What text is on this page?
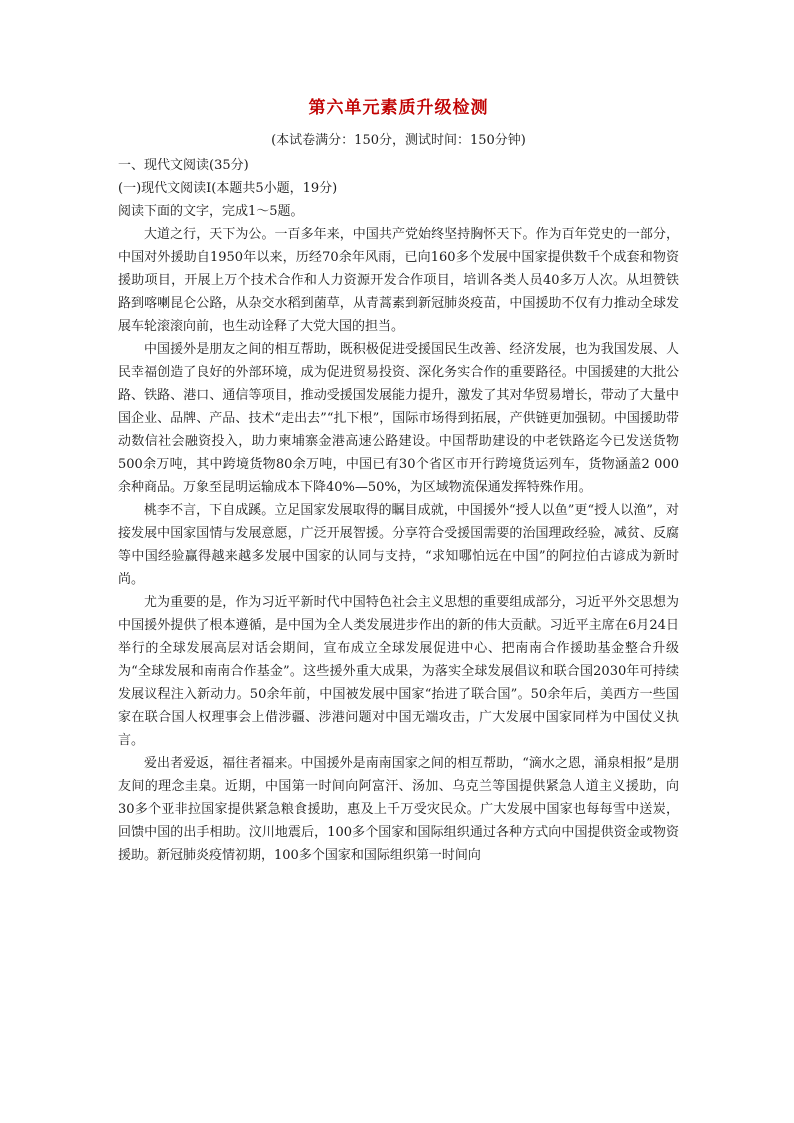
第六单元素质升级检测

(本试卷满分：150分，测试时间：150分钟)

一、现代文阅读(35分)

(一)现代文阅读Ⅰ(本题共5小题，19分)

阅读下面的文字，完成1～5题。

大道之行，天下为公。一百多年来，中国共产党始终坚持胸怀天下。作为百年党史的一部分，中国对外援助自1950年以来，历经70余年风雨，已向160多个发展中国家提供数千个成套和物资援助项目，开展上万个技术合作和人力资源开发合作项目，培训各类人员40多万人次。从坦赞铁路到喀喇昆仑公路，从杂交水稻到菌草，从青蒿素到新冠肺炎疫苗，中国援助不仅有力推动全球发展车轮滚滚向前，也生动诠释了大党大国的担当。

中国援外是朋友之间的相互帮助，既积极促进受援国民生改善、经济发展，也为我国发展、人民幸福创造了良好的外部环境，成为促进贸易投资、深化务实合作的重要路径。中国援建的大批公路、铁路、港口、通信等项目，推动受援国发展能力提升，激发了其对华贸易增长，带动了大量中国企业、品牌、产品、技术“走出去”“扎下根”，国际市场得到拓展，产供链更加强韧。中国援助带动数信社会融资投入，助力柬埔寨金港高速公路建设。中国帮助建设的中老铁路迄今已发送货物500余万吨，其中跨境货物80余万吨，中国已有30个省区市开行跨境货运列车，货物涵盖2 000余种商品。万象至昆明运输成本下降40%—50%，为区域物流保通发挥特殊作用。

桃李不言，下自成蹊。立足国家发展取得的瞩目成就，中国援外“授人以鱼”更“授人以渔”，对接发展中国家国情与发展意愿，广泛开展智援。分享符合受援国需要的治国理政经验，减贫、反腐等中国经验赢得越来越多发展中国家的认同与支持，“求知哪怕远在中国”的阿拉伯古谚成为新时尚。

尤为重要的是，作为习近平新时代中国特色社会主义思想的重要组成部分，习近平外交思想为中国援外提供了根本遵循，是中国为全人类发展进步作出的新的伟大贡献。习近平主席在6月24日举行的全球发展高层对话会期间，宣布成立全球发展促进中心、把南南合作援助基金整合升级为“全球发展和南南合作基金”。这些援外重大成果，为落实全球发展倡议和联合国2030年可持续发展议程注入新动力。50余年前，中国被发展中国家“抬进了联合国”。50余年后，美西方一些国家在联合国人权理事会上借涉疆、涉港问题对中国无端攻击，广大发展中国家同样为中国仗义执言。

爱出者爱返，福往者福来。中国援外是南南国家之间的相互帮助，“滴水之恩，涌泉相报”是朋友间的理念圭臬。近期，中国第一时间向阿富汗、汤加、乌克兰等国提供紧急人道主义援助，向30多个亚非拉国家提供紧急粮食援助，惠及上千万受灾民众。广大发展中国家也每每雪中送炭，回馈中国的出手相助。汶川地震后，100多个国家和国际组织通过各种方式向中国提供资金或物资援助。新冠肺炎疫情初期，100多个国家和国际组织第一时间向
